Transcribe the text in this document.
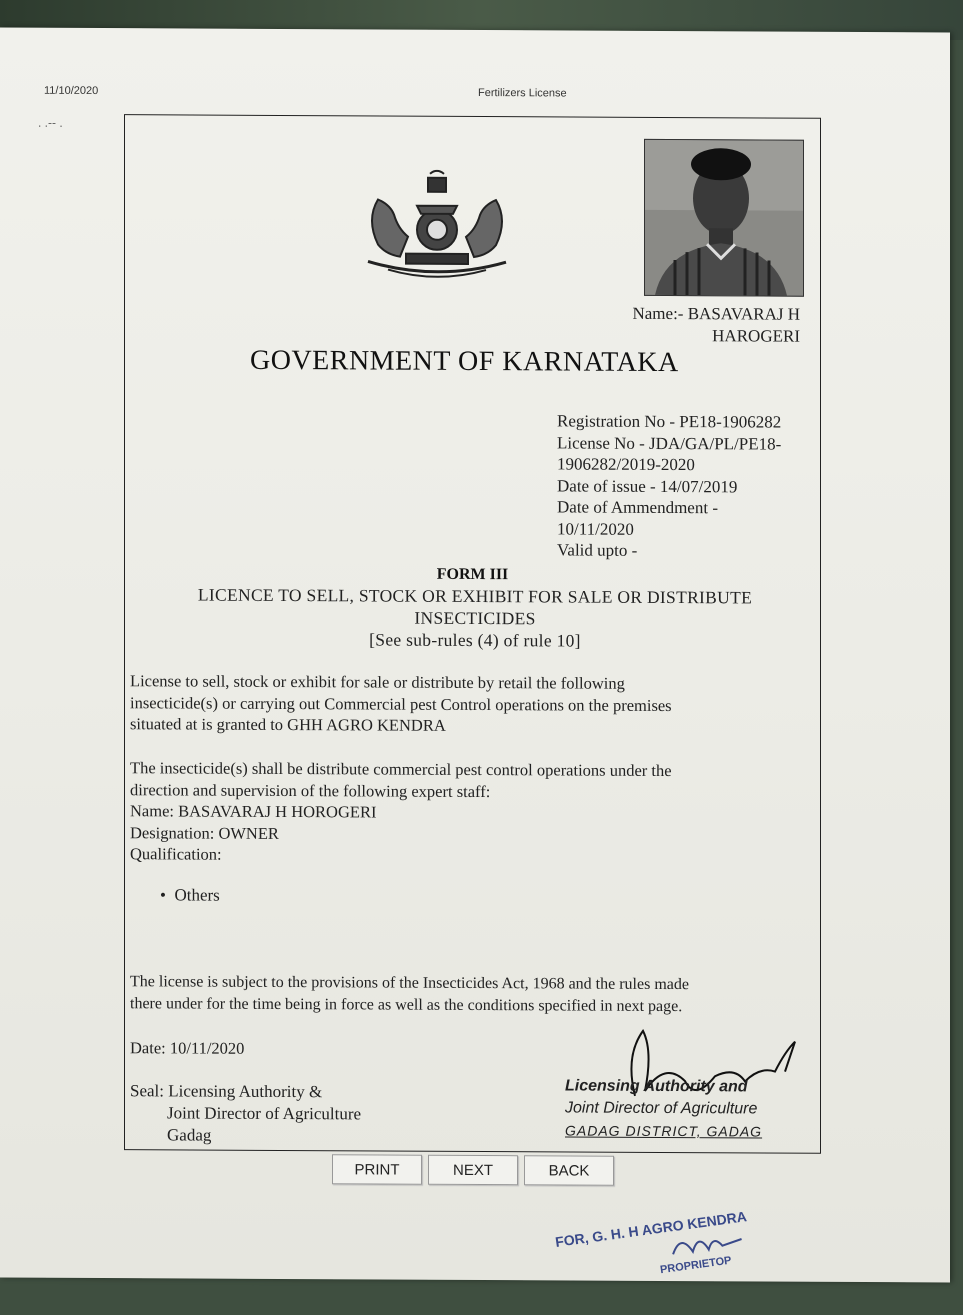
11/10/2020	Fertilizers License
. .-- .
Name:- BASAVARAJ H
HAROGERI
GOVERNMENT OF KARNATAKA
Registration No - PE18-1906282
License No - JDA/GA/PL/PE18-
1906282/2019-2020
Date of issue - 14/07/2019
Date of Ammendment -
10/11/2020
Valid upto -
FORM III
LICENCE TO SELL, STOCK OR EXHIBIT FOR SALE OR DISTRIBUTE
INSECTICIDES
[See sub-rules (4) of rule 10]
License to sell, stock or exhibit for sale or distribute by retail the following
insecticide(s) or carrying out Commercial pest Control operations on the premises
situated at is granted to GHH AGRO KENDRA
The insecticide(s) shall be distribute commercial pest control operations under the
direction and supervision of the following expert staff:
Name: BASAVARAJ H HOROGERI
Designation: OWNER
Qualification:
•  Others
The license is subject to the provisions of the Insecticides Act, 1968 and the rules made
there under for the time being in force as well as the conditions specified in next page.
Date: 10/11/2020
Seal: Licensing Authority &
Joint Director of Agriculture
Gadag
Licensing Authority and
Joint Director of Agriculture
GADAG DISTRICT, GADAG
PRINT	NEXT	BACK
FOR, G. H. H AGRO KENDRA
PROPRIETOP
